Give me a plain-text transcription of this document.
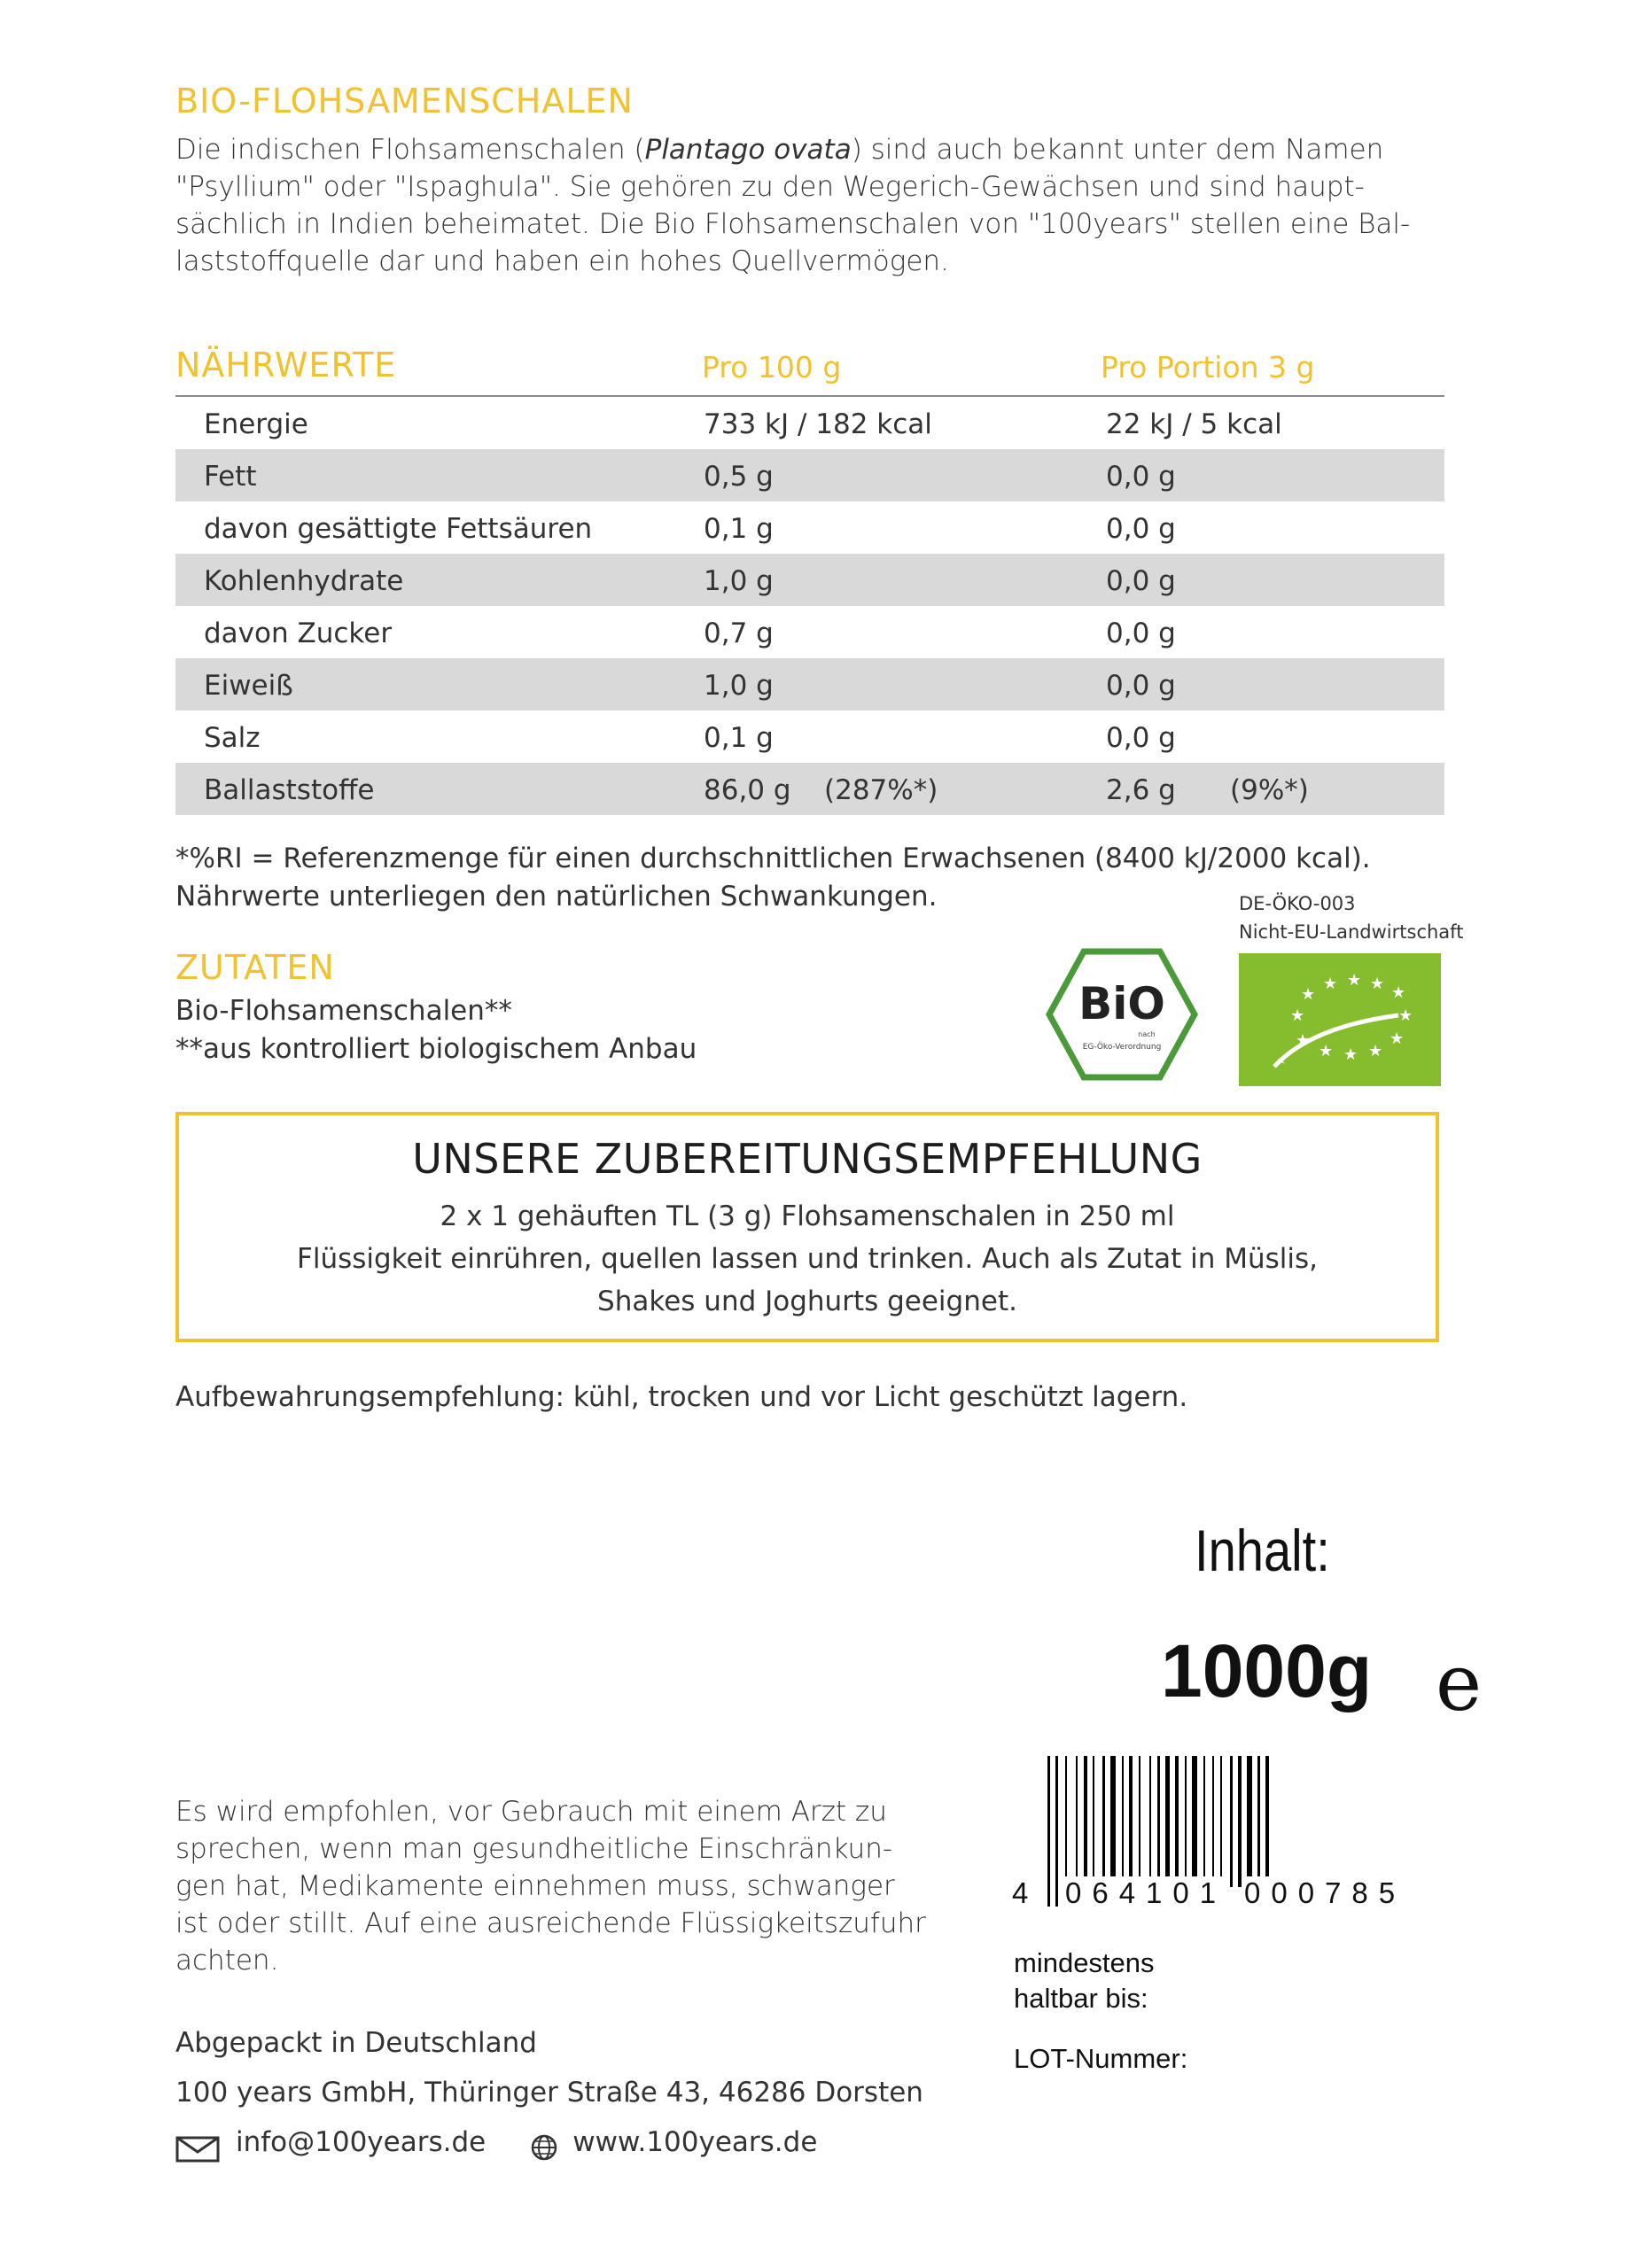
BIO-FLOHSAMENSCHALEN
Die indischen Flohsamenschalen (Plantago ovata) sind auch bekannt unter dem Namen
"Psyllium" oder "Ispaghula". Sie gehören zu den Wegerich-Gewächsen und sind haupt-
sächlich in Indien beheimatet. Die Bio Flohsamenschalen von "100years" stellen eine Bal-
laststoffquelle dar und haben ein hohes Quellvermögen.
NÄHRWERTE	Pro 100 g	Pro Portion 3 g
Energie	733 kJ / 182 kcal	22 kJ / 5 kcal
Fett	0,5 g	0,0 g
davon gesättigte Fettsäuren	0,1 g	0,0 g
Kohlenhydrate	1,0 g	0,0 g
davon Zucker	0,7 g	0,0 g
Eiweiß	1,0 g	0,0 g
Salz	0,1 g	0,0 g
Ballaststoffe	86,0 g (287%*)	2,6 g (9%*)
*%RI = Referenzmenge für einen durchschnittlichen Erwachsenen (8400 kJ/2000 kcal).
Nährwerte unterliegen den natürlichen Schwankungen.	DE-ÖKO-003
Nicht-EU-Landwirtschaft
ZUTATEN
Bio-Flohsamenschalen**
**aus kontrolliert biologischem Anbau
BiO
nach
EG-Öko-Verordnung
★
★ ★ ★ ★
★	★
★
★ ★ ★
★
UNSERE ZUBEREITUNGSEMPFEHLUNG
2 x 1 gehäuften TL (3 g) Flohsamenschalen in 250 ml
Flüssigkeit einrühren, quellen lassen und trinken. Auch als Zutat in Müslis,
Shakes und Joghurts geeignet.
Aufbewahrungsempfehlung: kühl, trocken und vor Licht geschützt lagern.
Inhalt:
1000g e
Es wird empfohlen, vor Gebrauch mit einem Arzt zu
sprechen, wenn man gesundheitliche Einschränkun-
gen hat, Medikamente einnehmen muss, schwanger
ist oder stillt. Auf eine ausreichende Flüssigkeitszufuhr
achten.
4 064101 000785
mindestens
haltbar bis:
LOT-Nummer:
Abgepackt in Deutschland
100 years GmbH, Thüringer Straße 43, 46286 Dorsten
info@100years.de	www.100years.de
